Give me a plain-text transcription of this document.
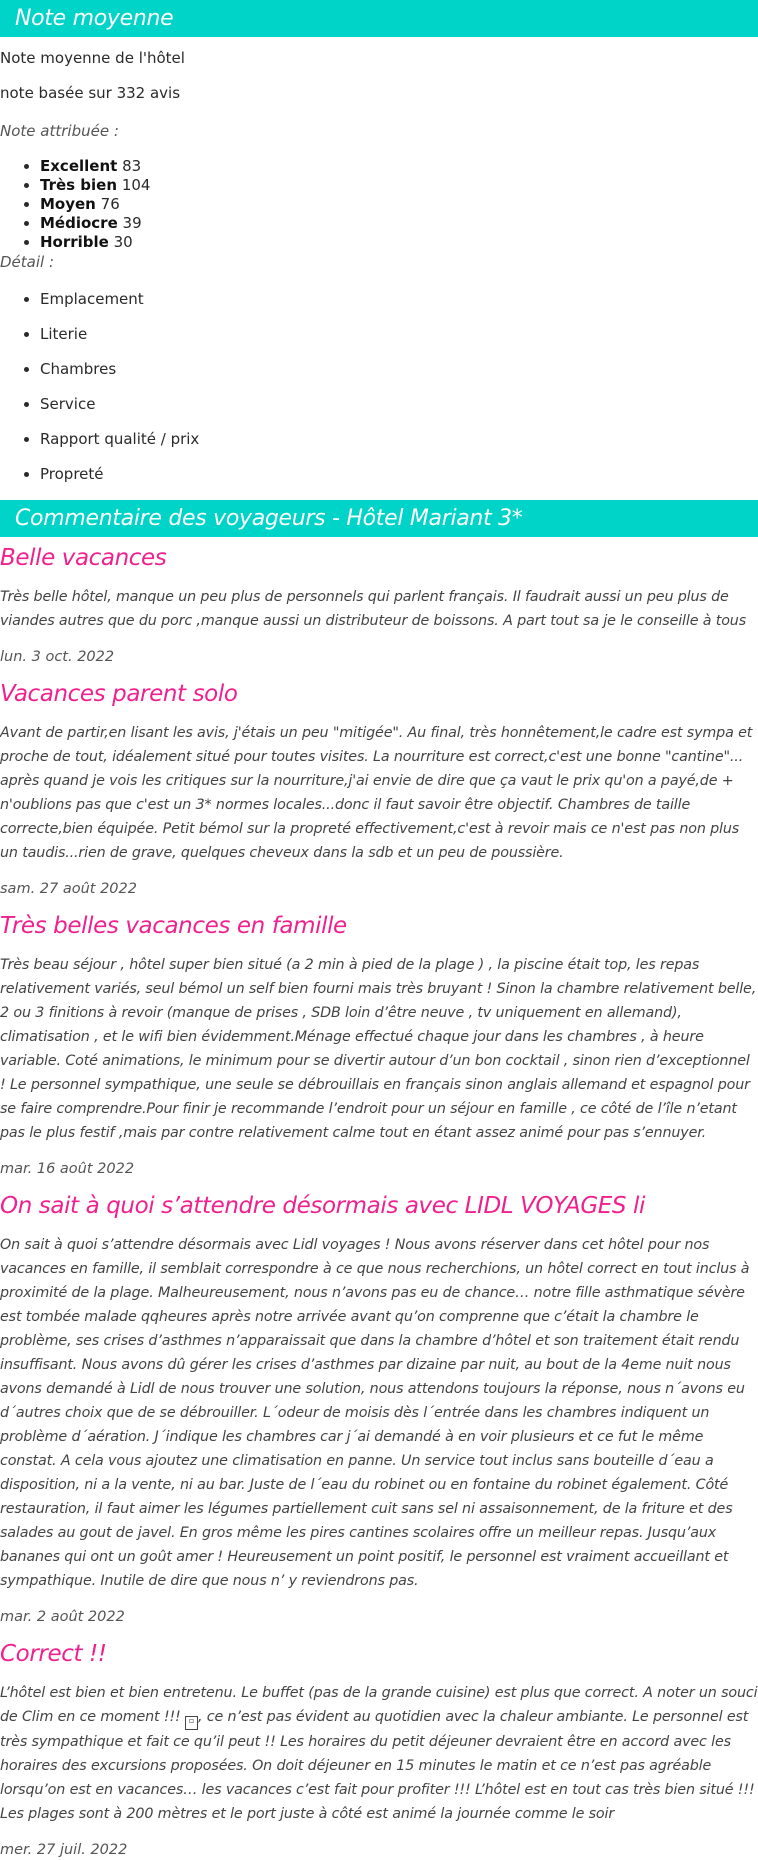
Note moyenne

Note moyenne de l'hôtel

note basée sur 332 avis

Note attribuée :

• Excellent 83
• Très bien 104
• Moyen 76
• Médiocre 39
• Horrible 30

Détail :

• Emplacement
• Literie
• Chambres
• Service
• Rapport qualité / prix
• Propreté
Commentaire des voyageurs - Hôtel Mariant 3*
Belle vacances

Très belle hôtel, manque un peu plus de personnels qui parlent français. Il faudrait aussi un peu plus de viandes autres que du porc ,manque aussi un distributeur de boissons. A part tout sa je le conseille à tous

lun. 3 oct. 2022

Vacances parent solo

Avant de partir,en lisant les avis, j'étais un peu "mitigée". Au final, très honnêtement,le cadre est sympa et proche de tout, idéalement situé pour toutes visites. La nourriture est correct,c'est une bonne "cantine"... après quand je vois les critiques sur la nourriture,j'ai envie de dire que ça vaut le prix qu'on a payé,de + n'oublions pas que c'est un 3* normes locales...donc il faut savoir être objectif. Chambres de taille correcte,bien équipée. Petit bémol sur la propreté effectivement,c'est à revoir mais ce n'est pas non plus un taudis...rien de grave, quelques cheveux dans la sdb et un peu de poussière.

sam. 27 août 2022

Très belles vacances en famille

Très beau séjour , hôtel super bien situé (a 2 min à pied de la plage ) , la piscine était top, les repas relativement variés, seul bémol un self bien fourni mais très bruyant ! Sinon la chambre relativement belle, 2 ou 3 finitions à revoir (manque de prises , SDB loin d’être neuve , tv uniquement en allemand), climatisation , et le wifi bien évidemment.Ménage effectué chaque jour dans les chambres , à heure variable. Coté animations, le minimum pour se divertir autour d’un bon cocktail , sinon rien d’exceptionnel ! Le personnel sympathique, une seule se débrouillais en français sinon anglais allemand et espagnol pour se faire comprendre.Pour finir je recommande l’endroit pour un séjour en famille , ce côté de l’île n’etant pas le plus festif ,mais par contre relativement calme tout en étant assez animé pour pas s’ennuyer.

mar. 16 août 2022

On sait à quoi s’attendre désormais avec LIDL VOYAGES li

On sait à quoi s’attendre désormais avec Lidl voyages ! Nous avons réserver dans cet hôtel pour nos vacances en famille, il semblait correspondre à ce que nous recherchions, un hôtel correct en tout inclus à proximité de la plage. Malheureusement, nous n’avons pas eu de chance… notre fille asthmatique sévère est tombée malade qqheures après notre arrivée avant qu’on comprenne que c’était la chambre le problème, ses crises d’asthmes n’apparaissait que dans la chambre d’hôtel et son traitement était rendu insuffisant. Nous avons dû gérer les crises d’asthmes par dizaine par nuit, au bout de la 4eme nuit nous avons demandé à Lidl de nous trouver une solution, nous attendons toujours la réponse, nous n´avons eu d´autres choix que de se débrouiller. L´odeur de moisis dès l´entrée dans les chambres indiquent un problème d´aération. J´indique les chambres car j´ai demandé à en voir plusieurs et ce fut le même constat. A cela vous ajoutez une climatisation en panne. Un service tout inclus sans bouteille d´eau a disposition, ni a la vente, ni au bar. Juste de l´eau du robinet ou en fontaine du robinet également. Côté restauration, il faut aimer les légumes partiellement cuit sans sel ni assaisonnement, de la friture et des salades au gout de javel. En gros même les pires cantines scolaires offre un meilleur repas. Jusqu’aux bananes qui ont un goût amer ! Heureusement un point positif, le personnel est vraiment accueillant et sympathique. Inutile de dire que nous n’ y reviendrons pas.

mar. 2 août 2022

Correct !!

L’hôtel est bien et bien entretenu. Le buffet (pas de la grande cuisine) est plus que correct. A noter un souci de Clim en ce moment !!! ▫ , ce n’est pas évident au quotidien avec la chaleur ambiante. Le personnel est très sympathique et fait ce qu’il peut !! Les horaires du petit déjeuner devraient être en accord avec les horaires des excursions proposées. On doit déjeuner en 15 minutes le matin et ce n’est pas agréable lorsqu’on est en vacances… les vacances c’est fait pour profiter !!! L’hôtel est en tout cas très bien situé !!! Les plages sont à 200 mètres et le port juste à côté est animé la journée comme le soir

mer. 27 juil. 2022
